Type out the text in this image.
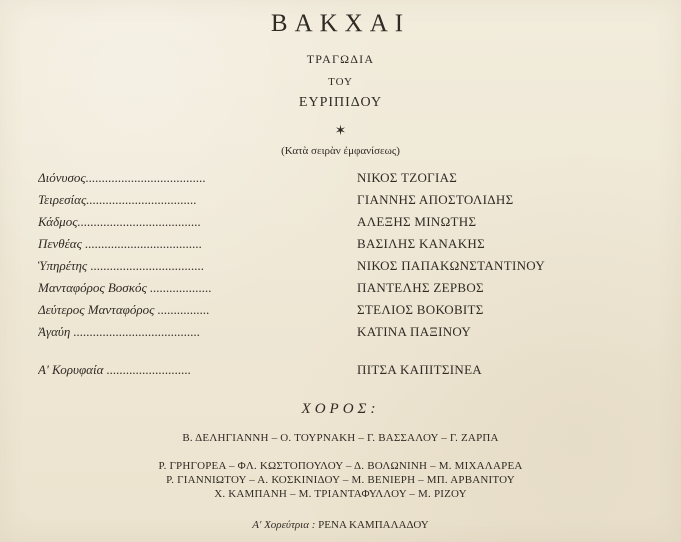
ΒΑΚΧΑΙ
ΤΡΑΓΩΔΙΑ
ΤΟΥ
ΕΥΡΙΠΙΔΟΥ
✶
(Κατὰ σειρὰν ἐμφανίσεως)
Διόνυσος.....................................	ΝΙΚΟΣ ΤΖΟΓΙΑΣ
Τειρεσίας..................................	ΓΙΑΝΝΗΣ ΑΠΟΣΤΟΛΙΔΗΣ
Κάδμος......................................	ΑΛΕΞΗΣ ΜΙΝΩΤΗΣ
Πενθέας ....................................	ΒΑΣΙΛΗΣ ΚΑΝΑΚΗΣ
Ὑπηρέτης ...................................	ΝΙΚΟΣ ΠΑΠΑΚΩΝΣΤΑΝΤΙΝΟΥ
Μανταφόρος Βοσκός ...................	ΠΑΝΤΕΛΗΣ ΖΕΡΒΟΣ
Δεύτερος Μανταφόρος ................	ΣΤΕΛΙΟΣ ΒΟΚΟΒΙΤΣ
Ἀγαύη .......................................	ΚΑΤΙΝΑ ΠΑΞΙΝΟΥ
Α' Κορυφαία ..........................	ΠΙΤΣΑ ΚΑΠΙΤΣΙΝΕΑ
ΧΟΡΟΣ:
Β. ΔΕΛΗΓΙΑΝΝΗ – Ο. ΤΟΥΡΝΑΚΗ – Γ. ΒΑΣΣΑΛΟΥ – Γ. ΖΑΡΠΑ
Ρ. ΓΡΗΓΟΡΕΑ – ΦΛ. ΚΩΣΤΟΠΟΥΛΟΥ – Δ. ΒΟΛΩΝΙΝΗ – Μ. ΜΙΧΑΛΑΡΕΑ
Ρ. ΓΙΑΝΝΙΩΤΟΥ – Α. ΚΟΣΚΙΝΙΔΟΥ – Μ. ΒΕΝΙΕΡΗ – ΜΠ. ΑΡΒΑΝΙΤΟΥ
Χ. ΚΑΜΠΑΝΗ – Μ. ΤΡΙΑΝΤΑΦΥΛΛΟΥ – Μ. ΡΙΖΟΥ
Α' Χορεύτρια : ΡΕΝΑ ΚΑΜΠΑΛΑΔΟΥ
